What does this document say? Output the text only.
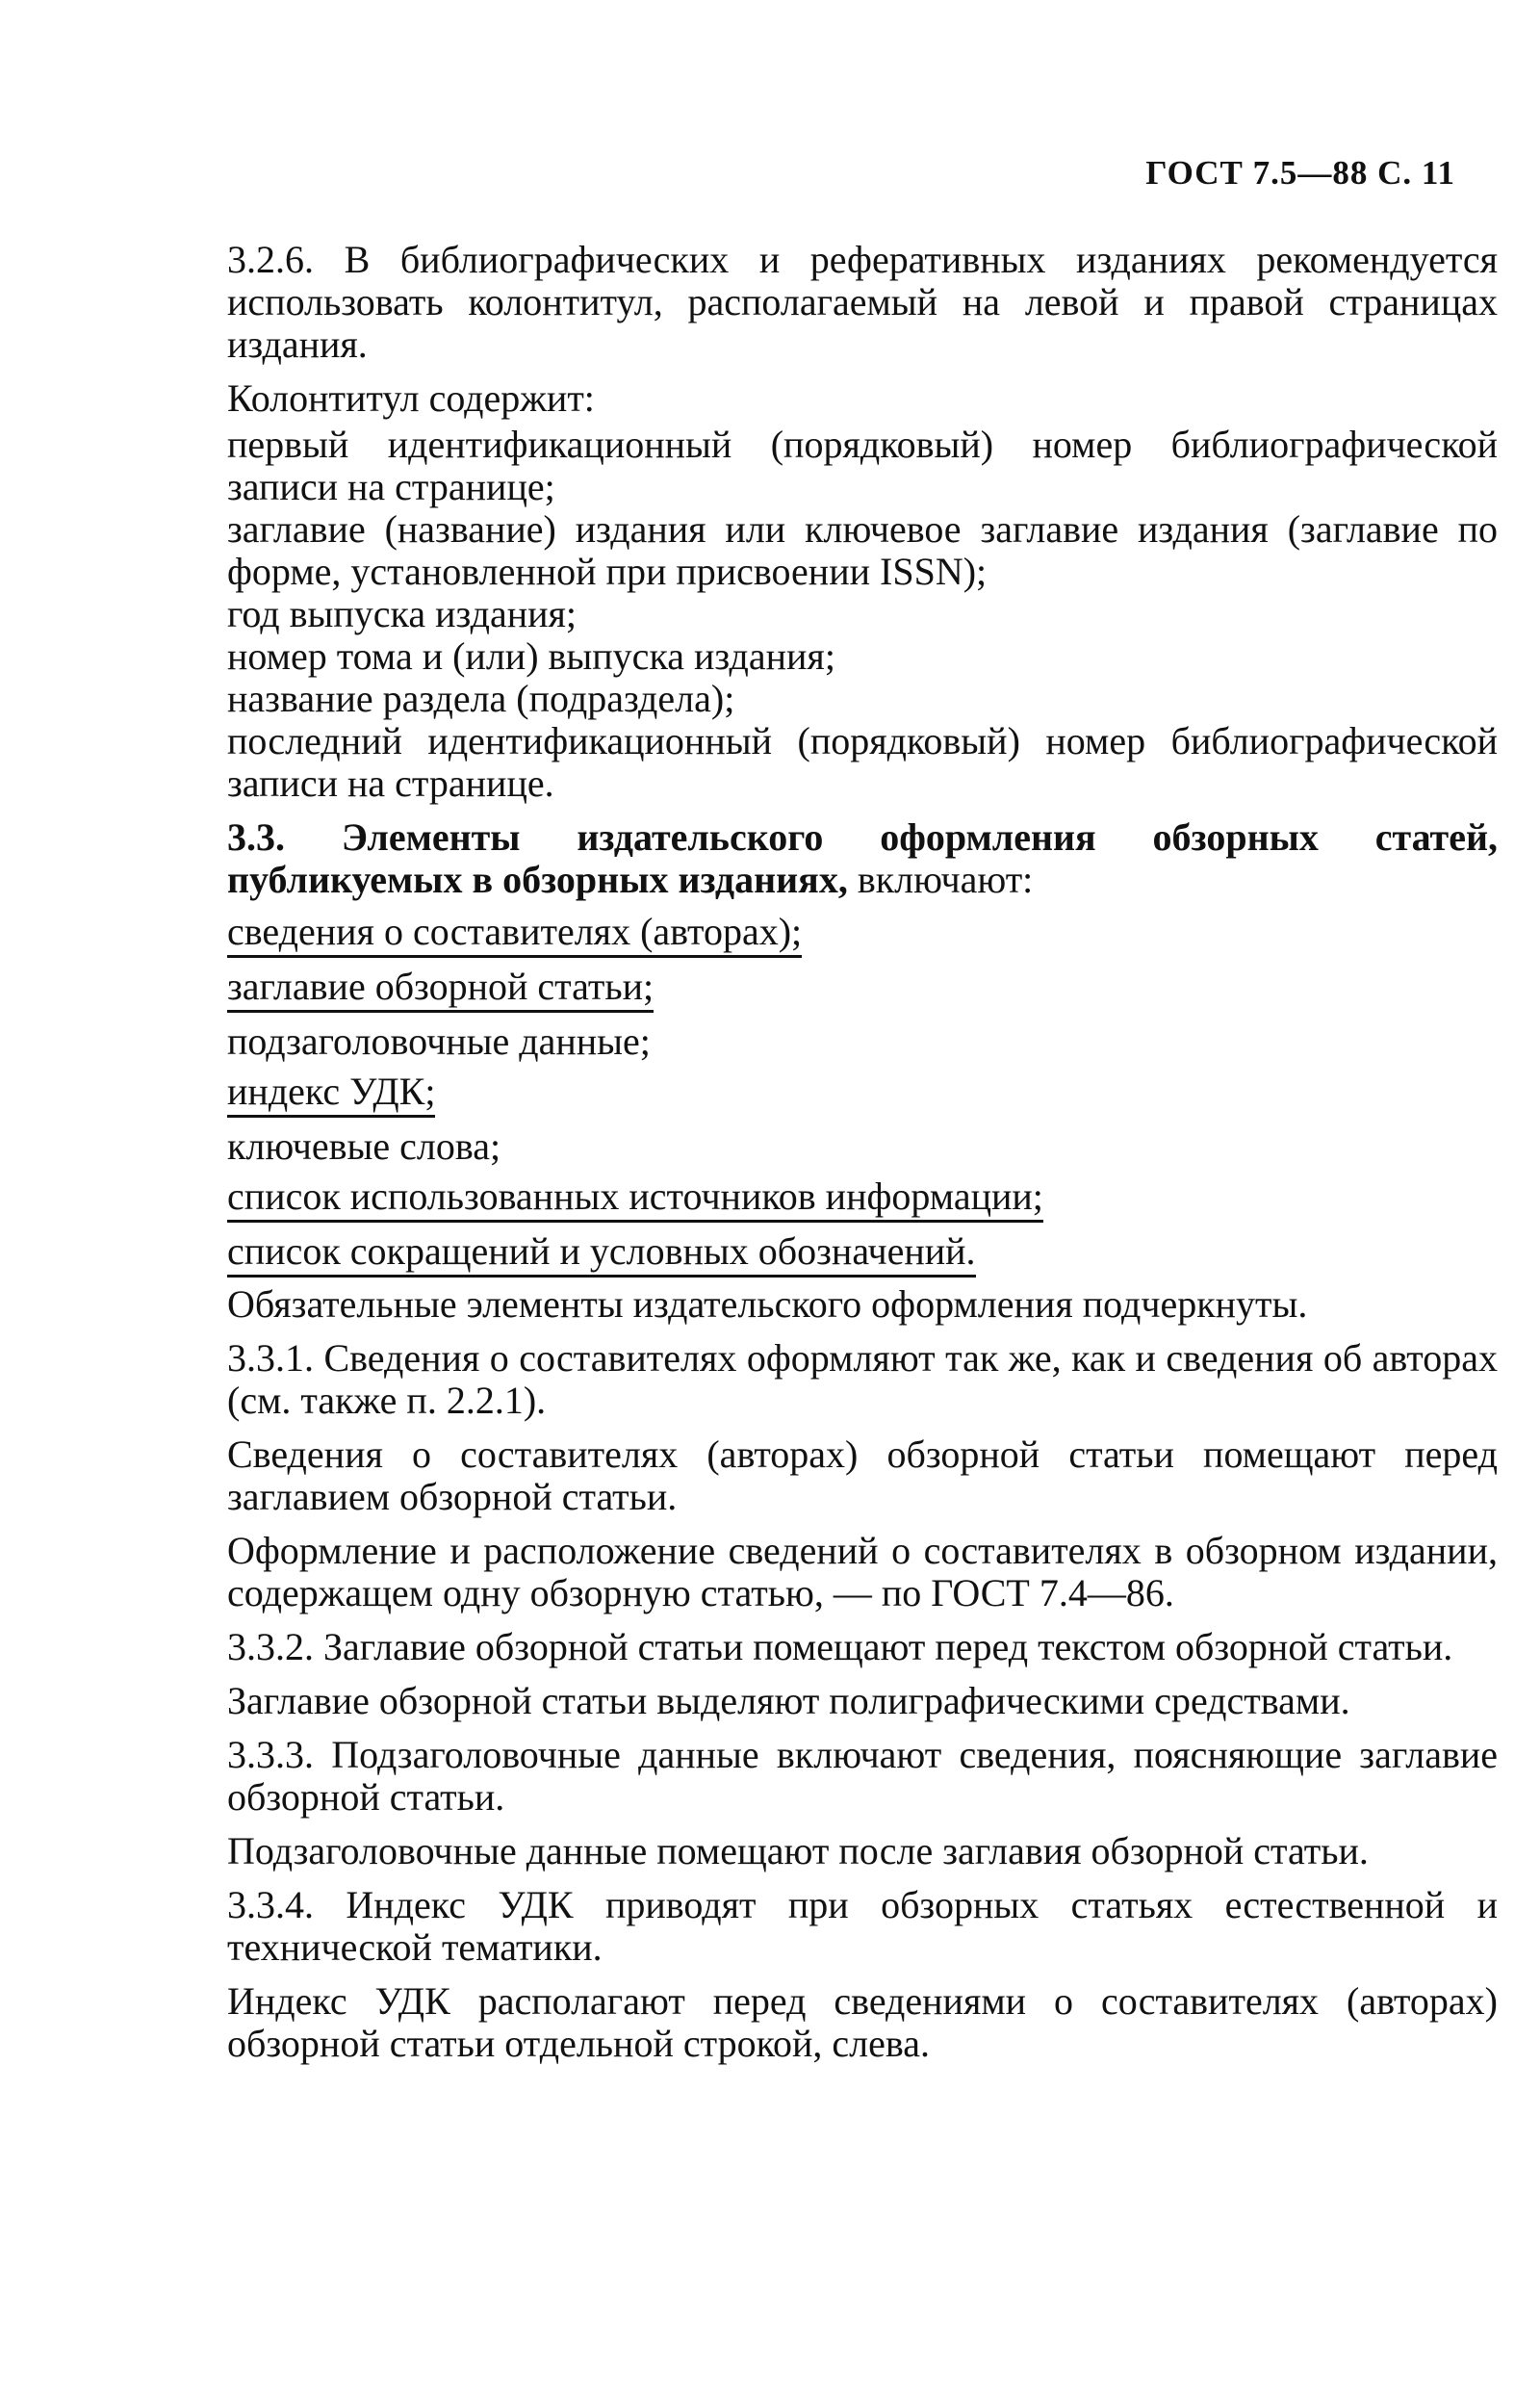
ГОСТ 7.5—88 С. 11

3.2.6. В библиографических и реферативных изданиях рекомендуется использовать колонтитул, располагаемый на левой и правой страницах издания.

Колонтитул содержит:

первый идентификационный (порядковый) номер библиографической записи на странице;

заглавие (название) издания или ключевое заглавие издания (заглавие по форме, установленной при присвоении ISSN);

год выпуска издания;

номер тома и (или) выпуска издания;

название раздела (подраздела);

последний идентификационный (порядковый) номер библиографической записи на странице.

3.3. Элементы издательского оформления обзорных статей, публикуемых в обзорных изданиях, включают:

сведения о составителях (авторах);
заглавие обзорной статьи;
подзаголовочные данные;
индекс УДК;
ключевые слова;
список использованных источников информации;
список сокращений и условных обозначений.

Обязательные элементы издательского оформления подчеркнуты.

3.3.1. Сведения о составителях оформляют так же, как и сведения об авторах (см. также п. 2.2.1).

Сведения о составителях (авторах) обзорной статьи помещают перед заглавием обзорной статьи.

Оформление и расположение сведений о составителях в обзорном издании, содержащем одну обзорную статью, — по ГОСТ 7.4—86.

3.3.2. Заглавие обзорной статьи помещают перед текстом обзорной статьи.

Заглавие обзорной статьи выделяют полиграфическими средствами.

3.3.3. Подзаголовочные данные включают сведения, поясняющие заглавие обзорной статьи.

Подзаголовочные данные помещают после заглавия обзорной статьи.

3.3.4. Индекс УДК приводят при обзорных статьях естественной и технической тематики.

Индекс УДК располагают перед сведениями о составителях (авторах) обзорной статьи отдельной строкой, слева.
